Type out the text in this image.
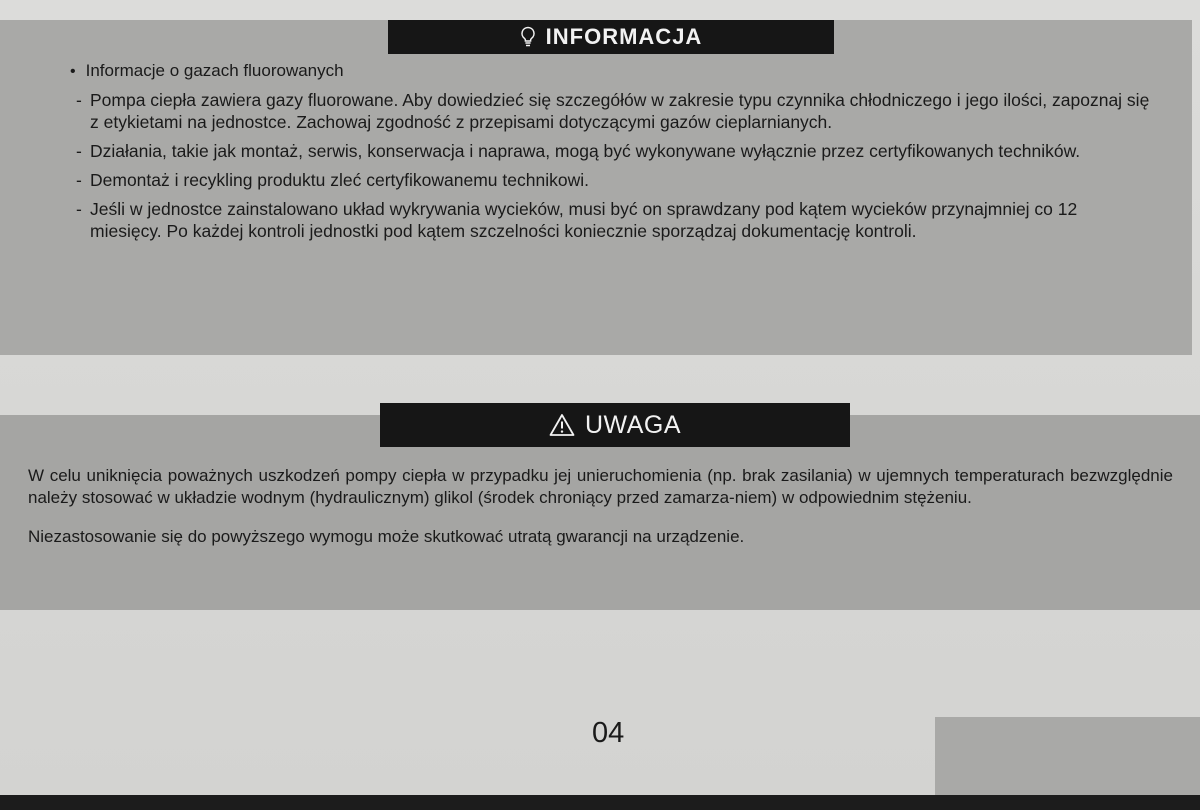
INFORMACJA
• Informacje o gazach fluorowanych
- Pompa ciepła zawiera gazy fluorowane. Aby dowiedzieć się szczegółów w zakresie typu czynnika chłodniczego i jego ilości, zapoznaj się z etykietami na jednostce. Zachowaj zgodność z przepisami dotyczącymi gazów cieplarnianych.
- Działania, takie jak montaż, serwis, konserwacja i naprawa, mogą być wykonywane wyłącznie przez certyfikowanych techników.
- Demontaż i recykling produktu zleć certyfikowanemu technikowi.
- Jeśli w jednostce zainstalowano układ wykrywania wycieków, musi być on sprawdzany pod kątem wycieków przynajmniej co 12 miesięcy. Po każdej kontroli jednostki pod kątem szczelności koniecznie sporządzaj dokumentację kontroli.
UWAGA

W celu uniknięcia poważnych uszkodzeń pompy ciepła w przypadku jej unieruchomienia (np. brak zasilania) w ujemnych temperaturach bezwzględnie należy stosować w układzie wodnym (hydraulicznym) glikol (środek chroniący przed zamarza-niem) w odpowiednim stężeniu.

Niezastosowanie się do powyższego wymogu może skutkować utratą gwarancji na urządzenie.

04
